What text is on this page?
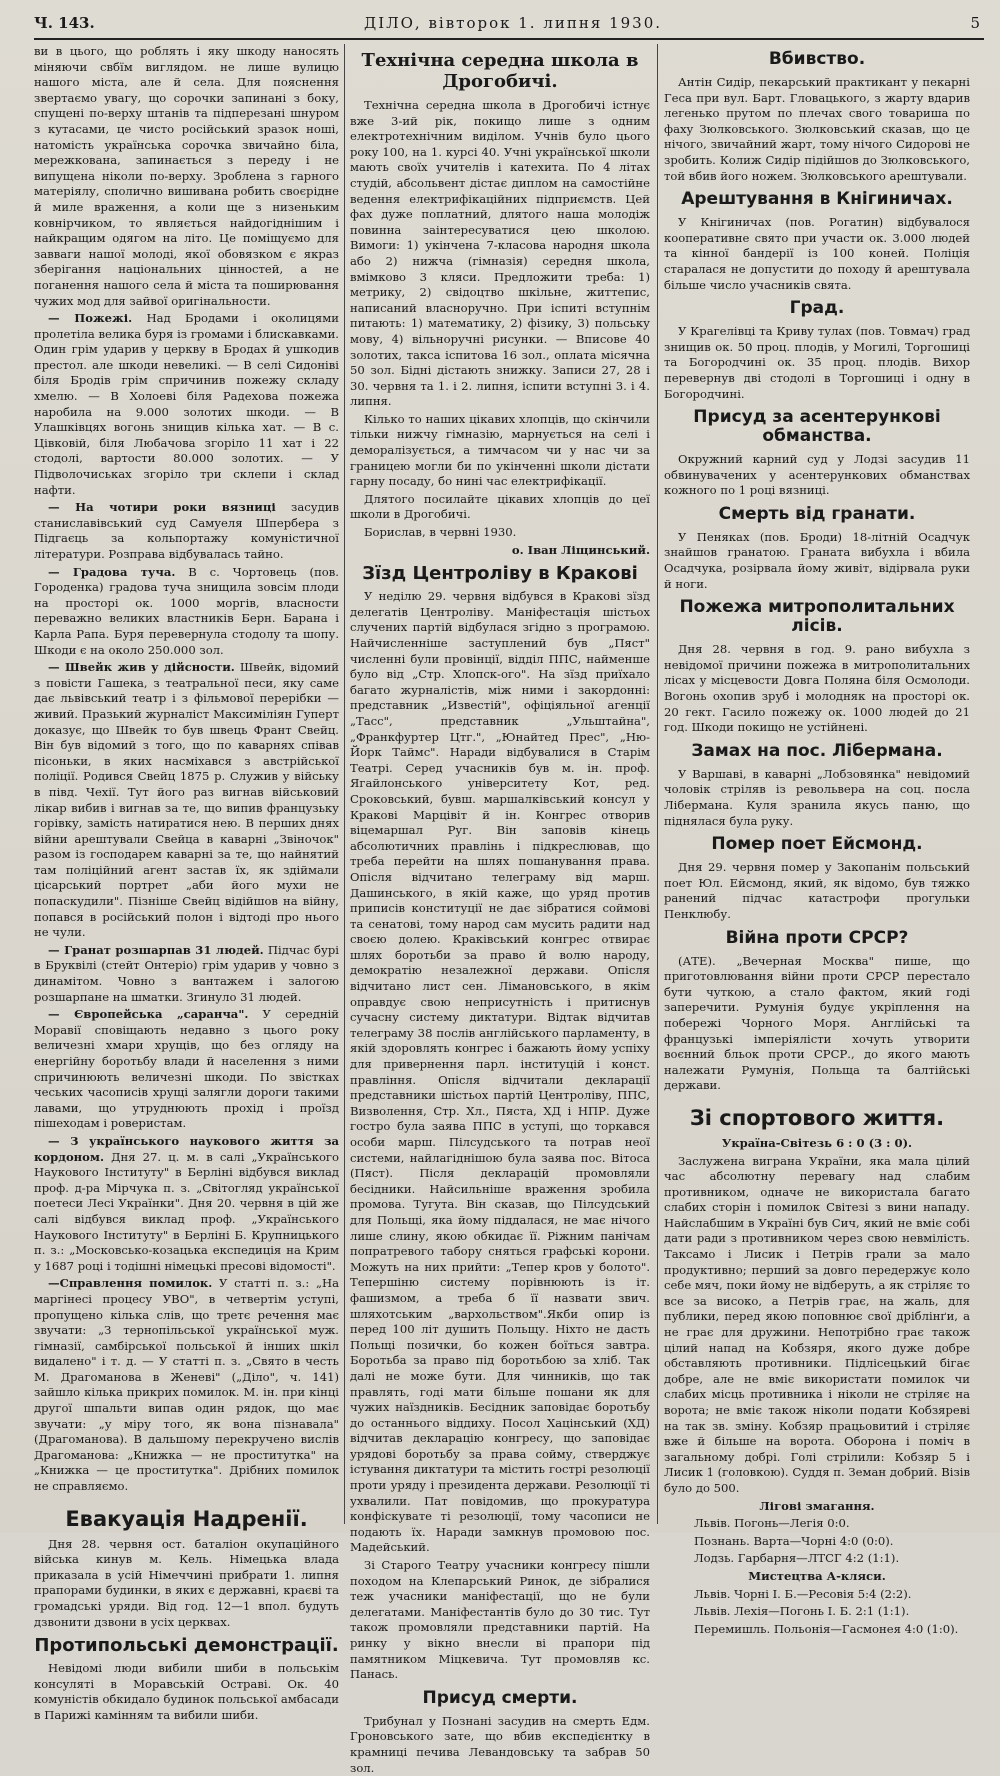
Ч. 143.	ДІЛО, вівторок 1. липня 1930.	5

ви в цього, що роблять і яку шкоду наносять міняючи свбїм виглядом. не лише вулицю нашого міста, але й села. Для пояснення звертаємо увагу, що сорочки запинані з боку, спущені по-верху штанів та підперезані шнуром з кутасами, це чисто російський зразок ношi, натомість українська сорочка звичайно біла, мережкована, запинається з переду і не випущена ніколи по-верху. Зроблена з гарного матеріялу, сполично вишивана робить своєрідне й миле враження, а коли ще з низеньким ковнірчиком, то являється найдогіднішим і найкращим одягом на літо. Це поміщуємо для завваги нашої молоді, якої обовязком є якраз зберігання національних цінностей, а не поганення нашого села й міста та поширювання чужих мод для зайвої оригінальности.

— Пожежі. Над Бродами і околицями пролетіла велика буря із громами і блискавками. Один грім ударив у церкву в Бродах й ушкодив престол. але шкоди невеликі. — В селі Сидоніві біля Бродів грім спричинив пожежу складу хмелю. — В Холоеві біля Радехова пожежа наробила на 9.000 золотих шкоди. — В Улашківцях вогонь знищив кількa хат. — В с. Цівковій, біля Любачова згоріло 11 хат і 22 стодолі, вартости 80.000 золотих. — У Підволочиськах згоріло три склепи і склад нафти.

— На чотири роки вязниці засудив станиславівський суд Самуеля Шперберa з Підгаєць за кольпортажу комуністичної літератури. Розправа відбувалась тайно.

— Градова туча. В с. Чортовець (пов. Городенка) градова туча знищила зовсім плоди на просторі ок. 1000 моргів, власности переважно великих властників Берн. Барана і Карла Рапа. Буря перевернула стодолу та шопу. Шкоди є на около 250.000 зол.

— Швейк жив у дійсности. Швейк, відомий з повісти Гашека, з театральної песи, яку саме дає львівський театр і з фільмової перерібки — живий. Празький журналіст Максиміліян Гуперт доказує, що Швейк то був швець Франт Свейц. Він був відомий з того, що по каварнях співав пісоньки, в яких насміхався з австрійської поліції. Родився Свейц 1875 р. Служив у війську в півд. Чехії. Тут його раз вигнав військовий лікар вибив і вигнав за те, що випив французьку горівку, замість натиратися нею. В перших днях війни арештували Свейца в каварні „Звіночок" разом із господарем каварні за те, що найнятий там поліційний агент застав їх, як здіймали цісарський портрет „аби його мухи не попаскудили". Пізніше Свейц відійшов на війну, попався в російський полон і відтоді про нього не чули.

— Гранат розшарпав 31 людей. Підчас бурі в Бруквілі (стейт Онтеріо) грім ударив у човно з динамітом. Човно з вантажем і залогою розшарпане на шматки. Згинуло 31 людей.

— Європейська „саранча". У середній Моравії сповіщають недавно з цього року величезні хмари хрущів, що без огляду на енергійну боротьбу влади й населення з ними спричинюють величезні шкоди. По звістках чеських часописів хрущі залягли дороги такими лавами, що утруднюють прохід і проїзд пішеходам і роверистам.

— З українського наукового життя за кордоном. Дня 27. ц. м. в салі „Українського Наукового Інституту" в Берліні відбувся виклад проф. д-ра Мірчука п. з. „Світогляд української поетеси Лесі Українки". Дня 20. червня в цій же салі відбувся виклад проф. „Українського Наукового Інституту" в Берліні Б. Крупницького п. з.: „Московсько-козацька експедиція на Крим у 1687 році і тодішні німецькі пресові відомості".

—Справлення помилок. У статті п. з.: „На маргінесі процесу УВО", в четвертім уступі, пропущено кілька слів, що третє речення має звучати: „З тернопільської української муж. гімназії, самбірської польської й інших шкіл видалено" і т. д. — У статті п. з. „Свято в честь М. Драгоманова в Женеві" („Діло", ч. 141) зайшло кілька прикрих помилок. М. ін. при кінці другої шпальти випав один рядок, що має звучати: „у міру того, як вона пізнавала" (Драгоманова). В дальшому перекручено вислів Драгоманова: „Книжка — не проститутка" на „Книжка — це проститутка". Дрібних помилок не справляємо.

Евакуація Надренії.

Дня 28. червня ост. баталіон окупаційного війська кинув м. Кель. Німецька влада приказала в усій Німеччині прибрати 1. липня прапорами будинки, в яких є державні, краєві та громадські уряди. Від год. 12—1 впол. будуть дзвонити дзвони в усіх церквах.

Протипольські демонстрації.

Невідомі люди вибили шиби в польськім консуляті в Моравській Остраві. Ок. 40 комуністів обкидало будинок польської амбасади в Парижі камінням та вибили шиби.

Технічна середна школа в Дрогобичі.

Технічна середна школа в Дрогобичі істнує вже 3-ий рік, покищо лише з одним електротехнічним виділом. Учнів було цього року 100, на 1. курсі 40. Учні української школи мають своїх учителів і катехита. По 4 літах студій, абсольвент дістає диплом на самостійне ведення електрифікаційних підприємств. Цей фах дуже поплатний, длятого наша молодіж повинна заінтересуватися цею школою. Вимоги: 1) укінчена 7-класова народня школа або 2) нижча (гімназія) середня школа, вмімково 3 кляси. Предложити треба: 1) метрику, 2) свідоцтво шкільне, життепис, написаний власноручно. При іспиті вступнім питають: 1) математику, 2) фізику, 3) польську мову, 4) вільноручні рисунки. — Вписове 40 золотих, такса іспитова 16 зол., оплата місячна 50 зол. Бідні дістають знижку. Записи 27, 28 і 30. червня та 1. і 2. липня, іспити вступні 3. і 4. липня.

Кілько то наших цікавих хлопців, що скінчили тільки нижчу гімназію, марнується на селі і деморалізується, а тимчасом чи у нас чи за границею могли би по укінченні школи дістати гарну посаду, бо нині час електрифікації.

Длятого посилайте цікавих хлопців до цеї школи в Дрогобичі.

Борислав, в червні 1930.

о. Іван Ліщинський.

Зїзд Центроліву в Кракові

У неділю 29. червня відбувся в Кракові зїзд делегатів Центроліву. Манiфестація шістьох случених партій відбулася згідно з програмою. Найчисленніше заступлений був „Пяст" численні були провінції, відділ ППС, найменше було від „Стр. Хлопск-ого". На зїзд приїхало багато журналістів, між ними і закордонні: представник „Известій", офіціяльної агенції „Тасс", представник „Ульштайна", „Франкфуртер Цтг.", „Юнайтед Прес", „Ню-Йорк Таймс". Наради відбувалися в Старім Театрі. Серед учасників був м. ін. проф. Ягайлонського університету Кот, ред. Сроковський, бувш. маршалківський консул у Кракові Марцівіт й ін. Конгрес отворив віцемаршал Руг. Він заповів кінець абсолютичних правлінь і підкреслював, що треба перейти на шлях пошанування права. Опісля відчитано телеграму від марш. Дашинського, в якій каже, що уряд против приписів конституції не дає зібратися соймові та сенатові, тому народ сам мусить радити над своєю долею. Краківський конгрес отвирає шлях боротьби за право й волю народу, демократію незалежної держави. Опісля відчитано лист сен. Лімановського, в якім оправдує свою неприсутність і притиснув сучасну систему диктатури. Відтак відчитав телеграму 38 послів англійського парламенту, в якій здоровлять конгрес і бажають йому успіху для привернення парл. інституцій і конст. правління. Опісля відчитали декларації представники шістьох партій Центроліву, ППС, Визволення, Стр. Хл., Пяста, ХД і НПР. Дуже гостро була заява ППС в уступі, що торкався особи марш. Пілсудського та потрав неої системи, найлагіднішою була заява пос. Вітоса (Пяст). Після декларацій промовляли бесідники. Найсильніше враження зробила промова. Тугута. Він сказав, що Пілсудський для Польщі, яка йому піддалася, не має нічого лише слину, якою обкидає її. Ріжним панічам попрaтревого табору сняться графські корони. Можуть на них прийти: „Тепер кров у болото". Тепершіню систему порівнюють із іт. фашизмом, а треба б її назвати звич. шляхотським „вархольством".Якби опир із перед 100 літ душить Польщу. Ніхто не дасть Польщі позички, бо кожен боїться завтра. Боротьба за право під боротьбою за хліб. Так далі не може бути. Для чинників, що так правлять, годі мати більше пошани як для чужих наїздників. Бесідник заповідає боротьбу до останнього віддиху. Посол Хацінський (ХД) відчитав декларацію конгресу, що заповідає урядові боротьбу за права сойму, стверджує істування диктатури та містить гострі резолюції проти уряду і президента держави. Резолюції ті ухвалили. Пат повідомив, що прокуратура конфіскувате ті резолюції, тому часописи не подають їх. Наради замкнув промовою пос. Мадейський.

Зі Старого Театру учасники конгресу пішли походом на Клепарський Ринок, де зібралися теж учасники манiфестації, що не були делегатами. Маніфестантів було до 30 тис. Тут також промовляли представники партій. На ринку у вікно внесли ві прапори під памятником Міцкевича. Тут промовляв кс. Панась.

Присуд смерти.

Трибунал у Познані засудив на смерть Едм. Гроновського зате, що вбив експедієнтку в крамниці печива Левандовську та забрав 50 зол.

Вбивство.

Антін Сидір, пекарський практикант у пекарні Геса при вул. Барт. Гловацького, з жарту вдарив легенько прутом по плечах свого товариша по фаху Зюлковського. Зюлковський сказав, що це нічого, звичайний жарт, тому нічого Сидорові не зробить. Колиж Сидір підійшов до Зюлковського, той вбив його ножем. Зюлковського арештували.

Арештування в Кнігиничах.

У Кнігиничах (пов. Рогатин) відбувалося кооперативне свято при участи ок. 3.000 людей та кінної бандерії із 100 коней. Поліція старалася не допустити до походу й арештувала більше число учасників свята.

Град.

У Крагелівці та Криву тулах (пов. Товмач) град знищив ок. 50 проц. плодів, у Могилі, Торгошиці та Богородчині ок. 35 проц. плодів. Вихор перевернув дві стодолі в Торгошиці і одну в Богородчині.

Присуд за асентерункові обманства.

Окружний карний суд у Лодзі засудив 11 обвинувачених у асентерункових обманствах кожного по 1 році вязниці.

Смерть від гранати.

У Пеняках (пов. Броди) 18-літній Осадчук знайшов гранатою. Граната вибухла і вбила Осадчука, розірвала йому живіт, відірвала руки й ноги.

Пожежа митрополитальних лісів.

Дня 28. червня в год. 9. рано вибухла з невідомої причини пожежа в митрополитальних лісах у місцевости Довга Поляна біля Осмолоди. Вогонь охопив зруб і молодняк на просторі ок. 20 гект. Гасило пожежу ок. 1000 людей до 21 год. Шкоди покищо не устійнені.

Замах на пос. Лібермана.

У Варшаві, в каварні „Лобзовянка" невідомий чоловік стріляв із револьвера на соц. посла Лібермана. Куля зранила якусь паню, що піднялася була руку.

Помер поет Ейсмонд.

Дня 29. червня помер у Закопанім польський поет Юл. Ейсмонд, який, як відомо, був тяжко ранений підчас катастрофи прогульки Пенклюбу.

Війна проти СРСР?

(АТЕ). „Вечерная Москва" пише, що приготовлювання війни проти СРСР перестало бути чуткою, а стало фактом, який годі заперечити. Румунія будує укріплення на побережі Чорного Моря. Англійські та французькі імперіялісти хочуть утворити воєнний бльок проти СРСР., до якого мають належати Румунія, Польща та балтійські держави.

Зі спортового життя.

Україна-Свiтезь 6 : 0 (3 : 0).

Заслужена виграна України, яка мала цілий час абсолютну перевагу над слабим противником, одначе не використала багато слабих сторін і помилок Світезі з вини нападу. Найслабшим в Україні був Сич, який не вміє собі дати ради з противником через свою невмілість. Таксамо і Лисик і Петрів грали за мало продуктивно; перший за довго передержує коло себе мяч, поки йому не відберуть, а як стріляє то все за високо, а Петрів грає, на жаль, для публики, перед якою поповнює свої дріблінґи, а не грає для дружини. Непотрібно грає також цілий напад на Кобзяря, якого дуже добре обставляють противники. Підлісецький бігає добре, але не вміє використати помилок чи слабих місць противника і ніколи не стріляє на ворота; не вміє також ніколи подати Кобзяреві на так зв. зміну. Кобзяр працьовитий і стріляє вже й більше на ворота. Оборона і поміч в загальному добрі. Голі стрілили: Кобзяр 5 і Лисик 1 (головкою). Суддя п. Земан добрий. Візів було до 500.

Лігові змагання.

Львів. Погонь—Легія 0:0.

Познань. Варта—Чорні 4:0 (0:0).

Лодзь. Гарбарня—ЛТСГ 4:2 (1:1).

Мистецтва А-кляси.

Львів. Чорні І. Б.—Ресовія 5:4 (2:2).

Львів. Лехія—Погонь І. Б. 2:1 (1:1).

Перемишль. Польонія—Гасмонея 4:0 (1:0).
